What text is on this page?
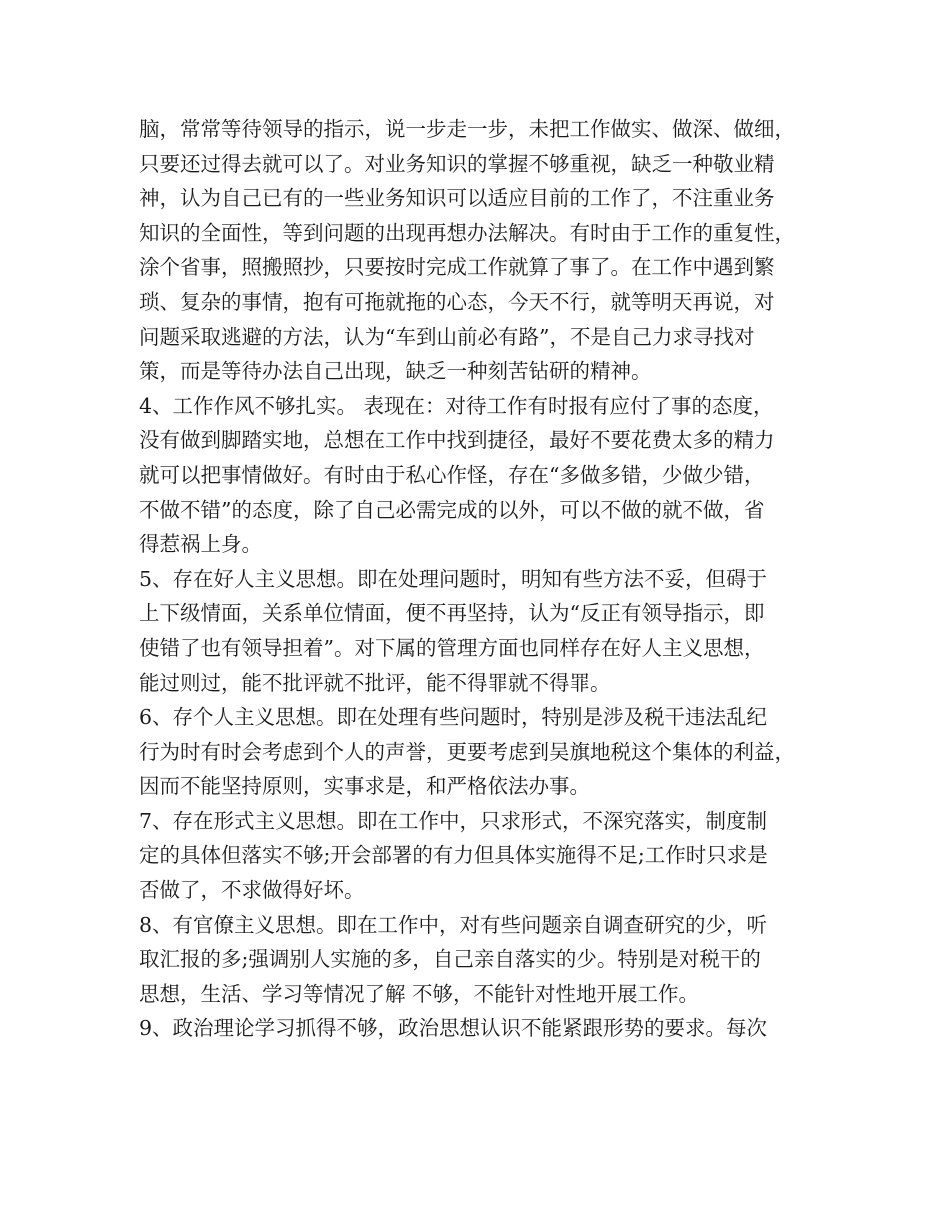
脑，常常等待领导的指示，说一步走一步，未把工作做实、做深、做细，
只要还过得去就可以了。对业务知识的掌握不够重视，缺乏一种敬业精
神，认为自己已有的一些业务知识可以适应目前的工作了，不注重业务
知识的全面性，等到问题的出现再想办法解决。有时由于工作的重复性，
涂个省事，照搬照抄，只要按时完成工作就算了事了。在工作中遇到繁
琐、复杂的事情，抱有可拖就拖的心态，今天不行，就等明天再说，对
问题采取逃避的方法，认为“车到山前必有路”，不是自己力求寻找对
策，而是等待办法自己出现，缺乏一种刻苦钻研的精神。
4、工作作风不够扎实。 表现在：对待工作有时报有应付了事的态度，
没有做到脚踏实地，总想在工作中找到捷径，最好不要花费太多的精力
就可以把事情做好。有时由于私心作怪，存在“多做多错，少做少错，
不做不错”的态度，除了自己必需完成的以外，可以不做的就不做，省
得惹祸上身。
5、存在好人主义思想。即在处理问题时，明知有些方法不妥，但碍于
上下级情面，关系单位情面，便不再坚持，认为“反正有领导指示，即
使错了也有领导担着”。对下属的管理方面也同样存在好人主义思想，
能过则过，能不批评就不批评，能不得罪就不得罪。
6、存个人主义思想。即在处理有些问题时，特别是涉及税干违法乱纪
行为时有时会考虑到个人的声誉，更要考虑到吴旗地税这个集体的利益，
因而不能坚持原则，实事求是，和严格依法办事。
7、存在形式主义思想。即在工作中，只求形式，不深究落实，制度制
定的具体但落实不够;开会部署的有力但具体实施得不足;工作时只求是
否做了，不求做得好坏。
8、有官僚主义思想。即在工作中，对有些问题亲自调查研究的少，听
取汇报的多;强调别人实施的多，自己亲自落实的少。特别是对税干的
思想，生活、学习等情况了解 不够，不能针对性地开展工作。
9、政治理论学习抓得不够，政治思想认识不能紧跟形势的要求。每次
